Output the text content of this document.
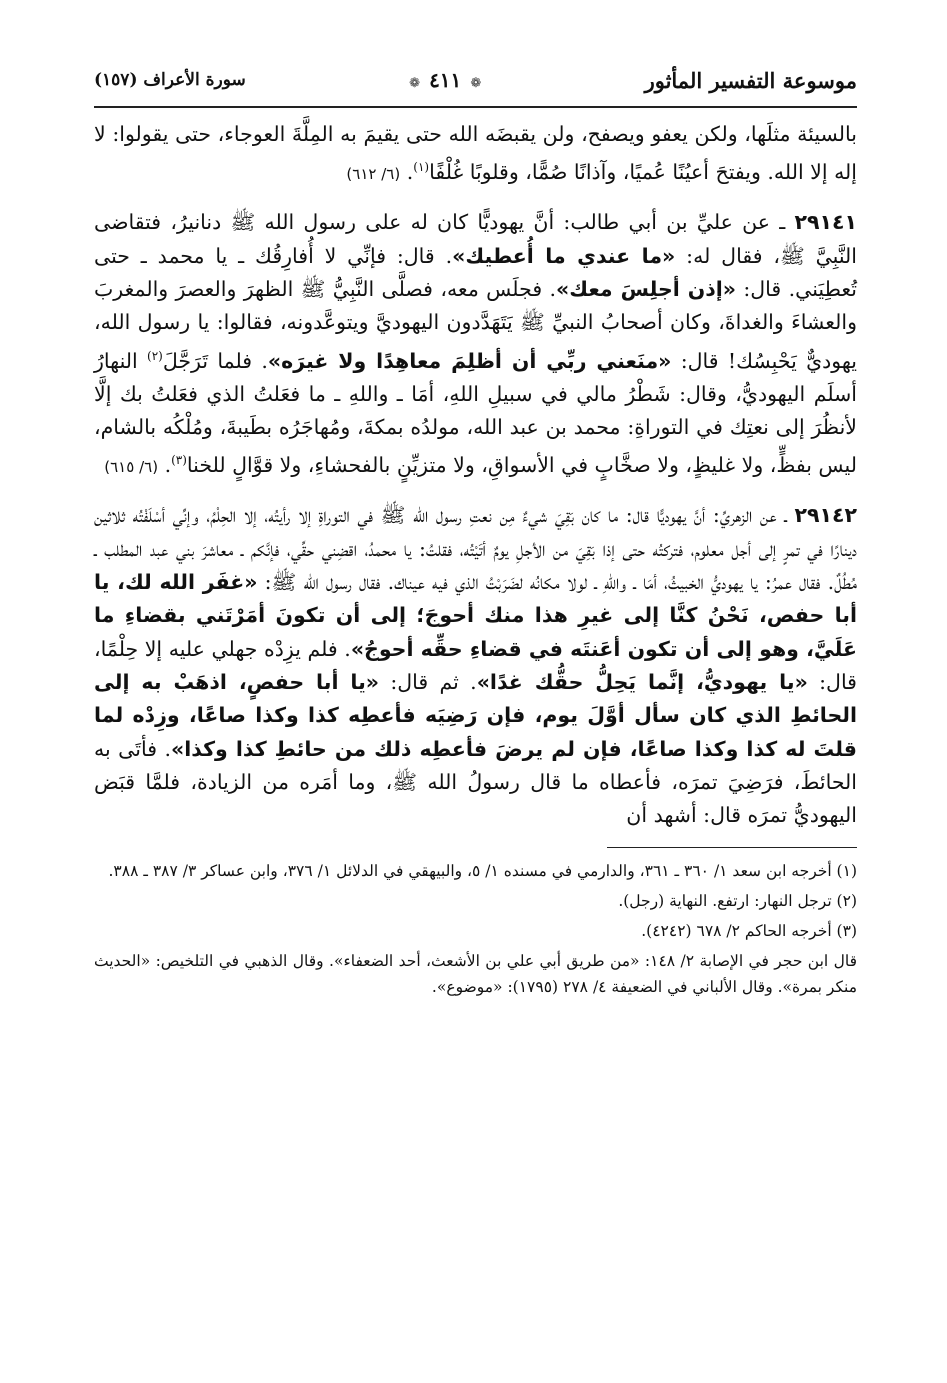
موسوعة التفسير المأثور
❁ ٤١١ ❁
سورة الأعراف (١٥٧)

بالسيئة مثلَها، ولكن يعفو ويصفح، ولن يقبضَه الله حتى يقيمَ به المِلَّةَ العوجاء، حتى يقولوا: لا إله إلا الله. ويفتحَ أعيُنًا عُميًا، وآذانًا صُمًّا، وقلوبًا غُلْفًا$^{(١)}$. (٦/ ٦١٢)

٢٩١٤١ ـ عن عليِّ بن أبي طالب: أنَّ يهوديًّا كان له على رسول الله ﷺ دنانيرُ، فتقاضى النَّبِيَّ ﷺ، فقال له: «ما عندي ما أُعطيك». قال: فإنِّي لا أُفارِقُك ـ يا محمد ـ حتى تُعطِيَني. قال: «إذن أجلِسَ معك». فجلَس معه، فصلَّى النَّبِيُّ ﷺ الظهرَ والعصرَ والمغربَ والعشاءَ والغداةَ، وكان أصحابُ النبيِّ ﷺ يَتَهَدَّدون اليهوديَّ ويتوعَّدونه، فقالوا: يا رسول الله، يهوديٌّ يَحْبِسُك! قال: «منَعني ربِّي أن أظلِمَ معاهِدًا ولا غيرَه». فلما تَرَجَّلَ$^{(٢)}$ النهارُ أسلَم اليهوديُّ، وقال: شَطْرُ مالي في سبيلِ اللهِ، أمَا ـ واللهِ ـ ما فعَلتُ الذي فعَلتُ بك إلَّا لأنظُرَ إلى نعتِك في التوراةِ: محمد بن عبد الله، مولدُه بمكةَ، ومُهاجَرُه بطَيبةَ، ومُلْكُه بالشام، ليس بفظٍّ، ولا غليظٍ، ولا صخَّابٍ في الأسواقِ، ولا متزيِّنٍ بالفحشاءِ، ولا قوَّالٍ للخنا$^{(٣)}$. (٦/ ٦١٥)

٢٩١٤٢ ـ عن الزهريِّ: أنَّ يهوديًّا قال: ما كان بَقِيَ شيءٌ مِن نعتِ رسول الله ﷺ في التوراةِ إلا رأيتُه، إلا الحِلْمُ، وإنِّي أسْلَفْتُه ثلاثين دينارًا في تمرٍ إلى أجل معلوم، فتركتُه حتى إذا بَقِيَ من الأجلِ يومٌ أتَيْتُه، فقلتُ: يا محمدُ، اقضِني حقِّي، فإنَّكم ـ معاشرَ بني عبد المطلب ـ مُطُلٌ. فقال عمرُ: يا يهوديُّ الخبيثُ، أمَا ـ واللهِ ـ لولا مكانُه لضَرَبْتُ الذي فيه عيناك. فقال رسول الله ﷺ: «غفَر الله لك، يا أبا حفص، نَحْنُ كنَّا إلى غيرِ هذا منك أحوجَ؛ إلى أن تكونَ أمَرْتَني بقضاءِ ما عَلَيَّ، وهو إلى أن تكون أعَنتَه في قضاءِ حقِّه أحوجُ». فلم يزِدْه جهلي عليه إلا حِلْمًا، قال: «يا يهوديُّ، إنَّما يَحِلُّ حقُّك غدًا». ثم قال: «يا أبا حفصٍ، اذهَبْ به إلى الحائطِ الذي كان سأل أوَّلَ يوم، فإن رَضِيَه فأعطِه كذا وكذا صاعًا، وزِدْه لما قلتَ له كذا وكذا صاعًا، فإن لم يرضَ فأعطِه ذلك من حائطِ كذا وكذا». فأتَى به الحائطَ، فرَضِيَ تمرَه، فأعطاه ما قال رسولُ الله ﷺ، وما أمَره من الزيادة، فلمَّا قبَض اليهوديُّ تمرَه قال: أشهد أن

(١) أخرجه ابن سعد ١/ ٣٦٠ ـ ٣٦١، والدارمي في مسنده ١/ ٥، والبيهقي في الدلائل ١/ ٣٧٦، وابن عساكر ٣/ ٣٨٧ ـ ٣٨٨.
(٢) ترجل النهار: ارتفع. النهاية (رجل).
(٣) أخرجه الحاكم ٢/ ٦٧٨ (٤٢٤٢).
قال ابن حجر في الإصابة ٢/ ١٤٨: «من طريق أبي علي بن الأشعث، أحد الضعفاء». وقال الذهبي في التلخيص: «الحديث منكر بمرة». وقال الألباني في الضعيفة ٤/ ٢٧٨ (١٧٩٥): «موضوع».
